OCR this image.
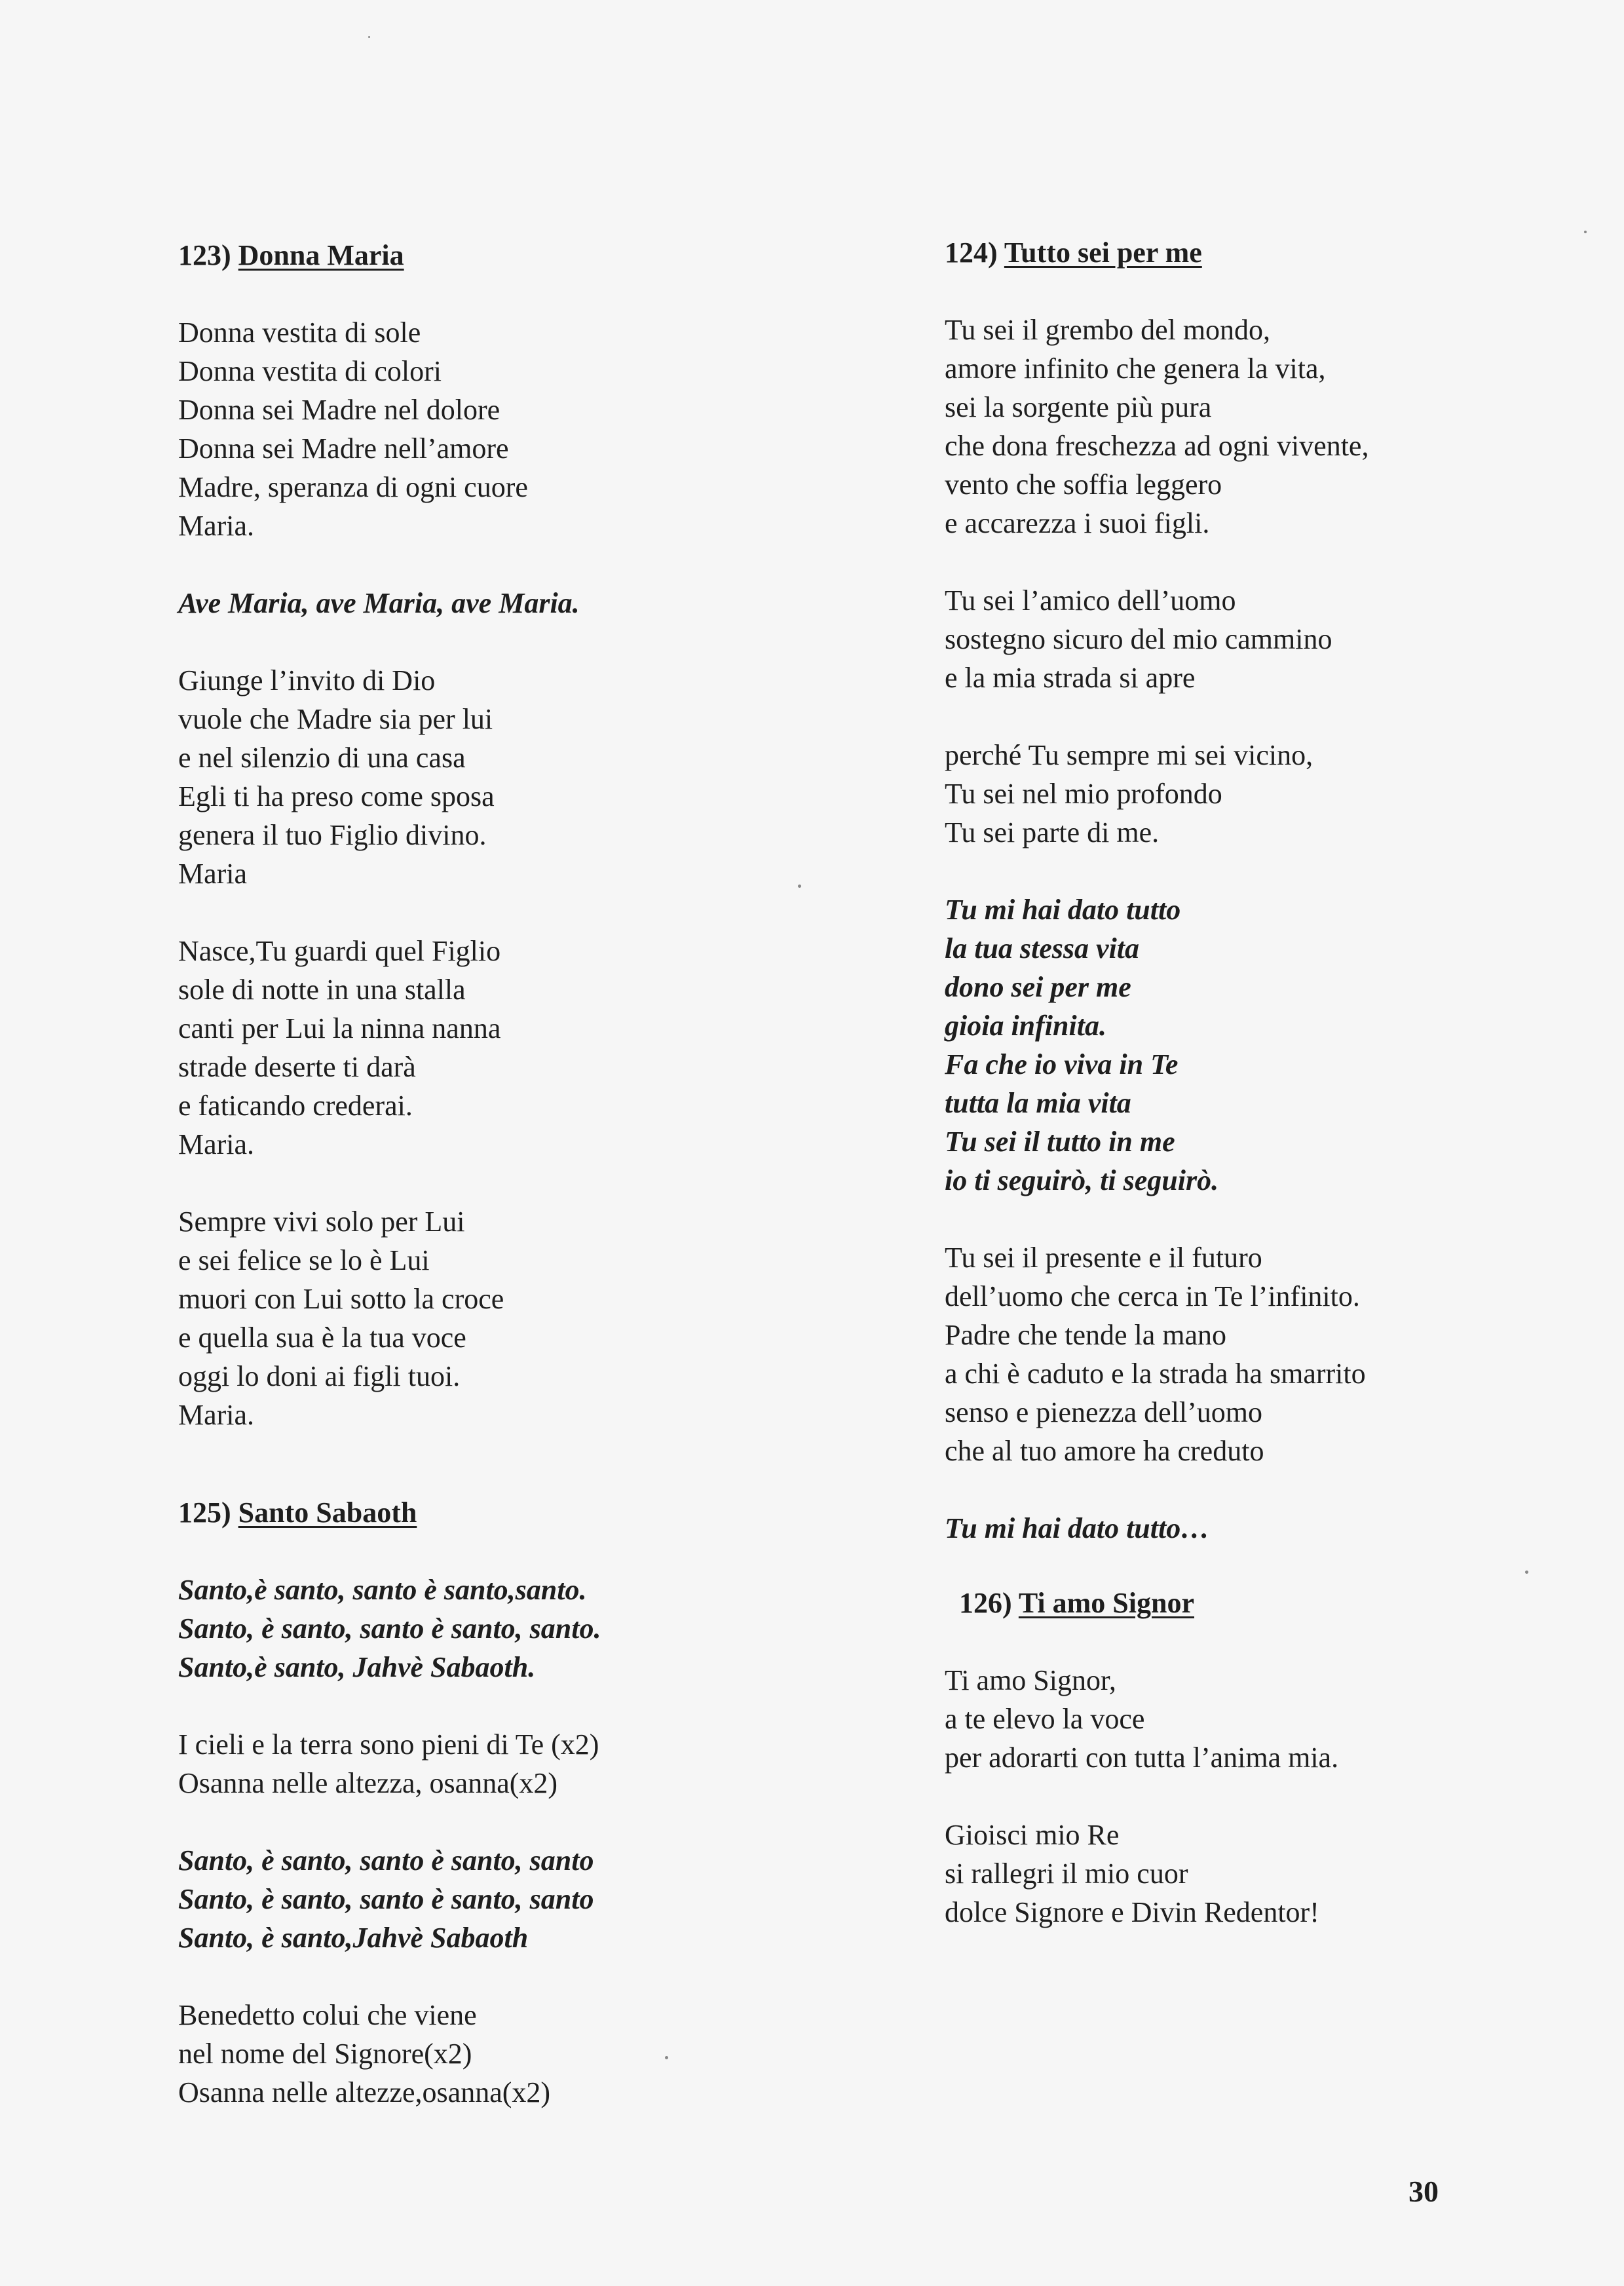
123) Donna Maria

Donna vestita di sole
Donna vestita di colori
Donna sei Madre nel dolore
Donna sei Madre nell’amore
Madre, speranza di ogni cuore
Maria.
Ave Maria, ave Maria, ave Maria.
Giunge l’invito di Dio
vuole che Madre sia per lui
e nel silenzio di una casa
Egli ti ha preso come sposa
genera il tuo Figlio divino.
Maria
Nasce,Tu guardi quel Figlio
sole di notte in una stalla
canti per Lui la ninna nanna
strade deserte ti darà
e faticando crederai.
Maria.
Sempre vivi solo per Lui
e sei felice se lo è Lui
muori con Lui sotto la croce
e quella sua è la tua voce
oggi lo doni ai figli tuoi.
Maria.

125) Santo Sabaoth

Santo,è santo, santo è santo,santo.
Santo, è santo, santo è santo, santo.
Santo,è santo, Jahvè Sabaoth.
I cieli e la terra sono pieni di Te (x2)
Osanna nelle altezza, osanna(x2)
Santo, è santo, santo è santo, santo
Santo, è santo, santo è santo, santo
Santo, è santo,Jahvè Sabaoth
Benedetto colui che viene
nel nome del Signore(x2)
Osanna nelle altezze,osanna(x2)

124) Tutto sei per me

Tu sei il grembo del mondo,
amore infinito che genera la vita,
sei la sorgente più pura
che dona freschezza ad ogni vivente,
vento che soffia leggero
e accarezza i suoi figli.
Tu sei l’amico dell’uomo
sostegno sicuro del mio cammino
e la mia strada si apre
perché Tu sempre mi sei vicino,
Tu sei nel mio profondo
Tu sei parte di me.
Tu mi hai dato tutto
la tua stessa vita
dono sei per me
gioia infinita.
Fa che io viva in Te
tutta la mia vita
Tu sei il tutto in me
io ti seguirò, ti seguirò.
Tu sei il presente e il futuro
dell’uomo che cerca in Te l’infinito.
Padre che tende la mano
a chi è caduto e la strada ha smarrito
senso e pienezza dell’uomo
che al tuo amore ha creduto
Tu mi hai dato tutto…

126) Ti amo Signor

Ti amo Signor,
a te elevo la voce
per adorarti con tutta l’anima mia.
Gioisci mio Re
si rallegri il mio cuor
dolce Signore e Divin Redentor!
30
